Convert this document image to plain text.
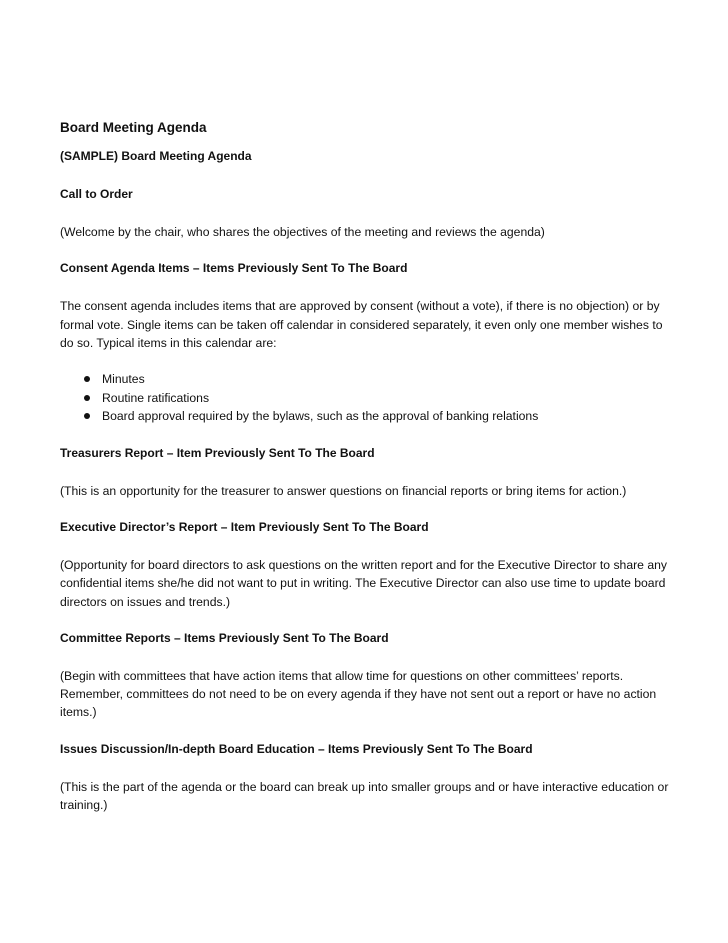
Board Meeting Agenda
(SAMPLE) Board Meeting Agenda
Call to Order

(Welcome by the chair, who shares the objectives of the meeting and reviews the agenda)

Consent Agenda Items – Items Previously Sent To The Board

The consent agenda includes items that are approved by consent (without a vote), if there is no objection) or by formal vote. Single items can be taken off calendar in considered separately, it even only one member wishes to do so. Typical items in this calendar are:

Minutes
Routine ratifications
Board approval required by the bylaws, such as the approval of banking relations
Treasurers Report – Item Previously Sent To The Board

(This is an opportunity for the treasurer to answer questions on financial reports or bring items for action.)

Executive Director’s Report – Item Previously Sent To The Board

(Opportunity for board directors to ask questions on the written report and for the Executive Director to share any confidential items she/he did not want to put in writing. The Executive Director can also use time to update board directors on issues and trends.)

Committee Reports – Items Previously Sent To The Board

(Begin with committees that have action items that allow time for questions on other committees’ reports. Remember, committees do not need to be on every agenda if they have not sent out a report or have no action items.)

Issues Discussion/In-depth Board Education – Items Previously Sent To The Board

(This is the part of the agenda or the board can break up into smaller groups and or have interactive education or training.)
